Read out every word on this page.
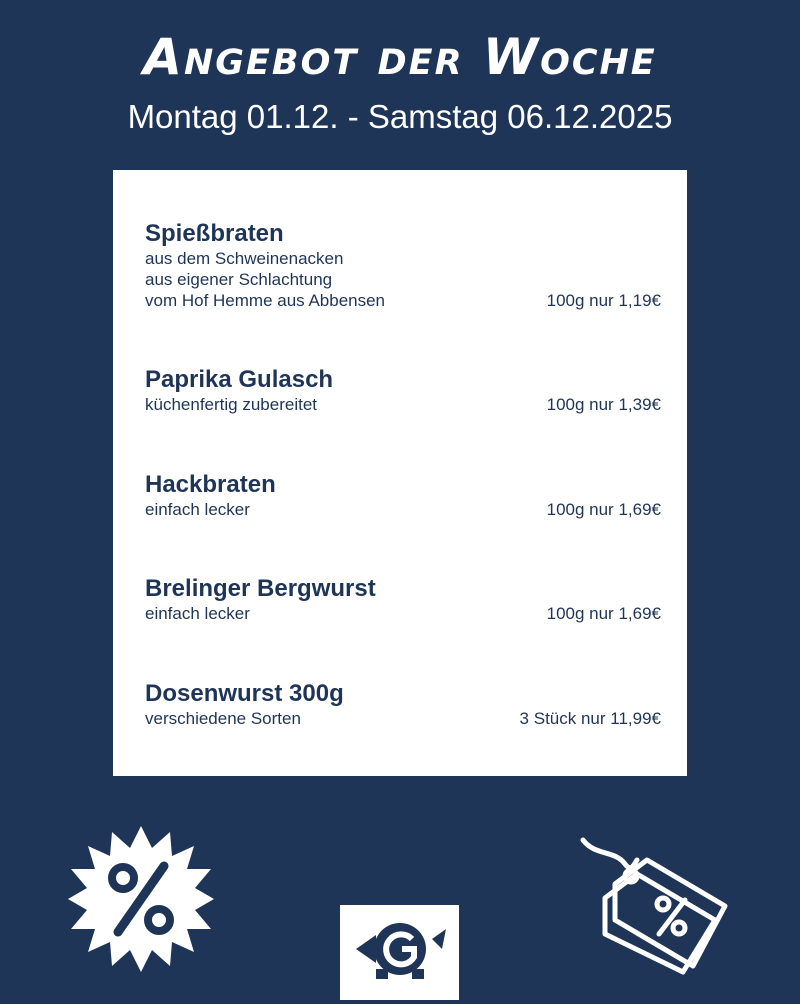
Angebot der Woche
Montag 01.12. - Samstag 06.12.2025
Spießbraten
aus dem Schweinenacken
aus eigener Schlachtung
vom Hof Hemme aus Abbensen	100g nur 1,19€
Paprika Gulasch
küchenfertig zubereitet	100g nur 1,39€
Hackbraten
einfach lecker	100g nur 1,69€
Brelinger Bergwurst
einfach lecker	100g nur 1,69€
Dosenwurst 300g
verschiedene Sorten	3 Stück nur 11,99€
